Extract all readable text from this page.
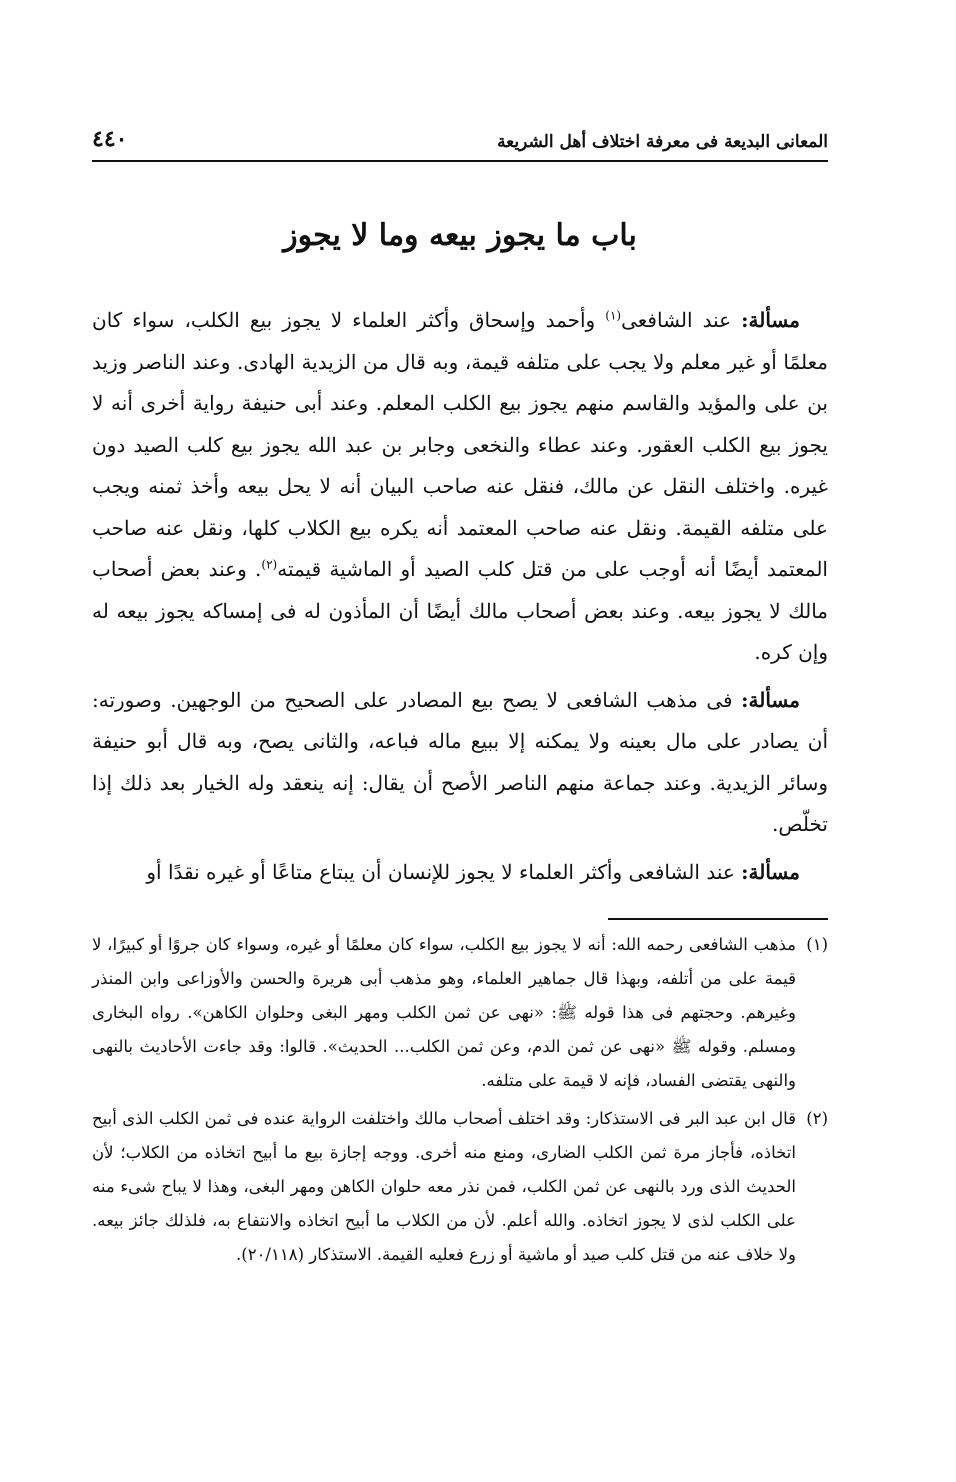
٤٤٠	المعانى البديعة فى معرفة اختلاف أهل الشريعة
باب ما يجوز بيعه وما لا يجوز

مسألة: عند الشافعى$^{(١)}$ وأحمد وإسحاق وأكثر العلماء لا يجوز بيع الكلب، سواء كان معلمًا أو غير معلم ولا يجب على متلفه قيمة، وبه قال من الزيدية الهادى. وعند الناصر وزيد بن على والمؤيد والقاسم منهم يجوز بيع الكلب المعلم. وعند أبى حنيفة رواية أخرى أنه لا يجوز بيع الكلب العقور. وعند عطاء والنخعى وجابر بن عبد الله يجوز بيع كلب الصيد دون غيره. واختلف النقل عن مالك، فنقل عنه صاحب البيان أنه لا يحل بيعه وأخذ ثمنه ويجب على متلفه القيمة. ونقل عنه صاحب المعتمد أنه يكره بيع الكلاب كلها، ونقل عنه صاحب المعتمد أيضًا أنه أوجب على من قتل كلب الصيد أو الماشية قيمته$^{(٢)}$. وعند بعض أصحاب مالك لا يجوز بيعه. وعند بعض أصحاب مالك أيضًا أن المأذون له فى إمساكه يجوز بيعه له وإن كره.

مسألة: فى مذهب الشافعى لا يصح بيع المصادر على الصحيح من الوجهين. وصورته: أن يصادر على مال بعينه ولا يمكنه إلا ببيع ماله فباعه، والثانى يصح، وبه قال أبو حنيفة وسائر الزيدية. وعند جماعة منهم الناصر الأصح أن يقال: إنه ينعقد وله الخيار بعد ذلك إذا تخلّص.

مسألة: عند الشافعى وأكثر العلماء لا يجوز للإنسان أن يبتاع متاعًا أو غيره نقدًا أو

(١)مذهب الشافعى رحمه الله: أنه لا يجوز بيع الكلب، سواء كان معلمًا أو غيره، وسواء كان جروًا أو كبيرًا، لا قيمة على من أتلفه، وبهذا قال جماهير العلماء، وهو مذهب أبى هريرة والحسن والأوزاعى وابن المنذر وغيرهم. وحجتهم فى هذا قوله ﷺ: «نهى عن ثمن الكلب ومهر البغى وحلوان الكاهن». رواه البخارى ومسلم. وقوله ﷺ «نهى عن ثمن الدم، وعن ثمن الكلب... الحديث». قالوا: وقد جاءت الأحاديث بالنهى والنهى يقتضى الفساد، فإنه لا قيمة على متلفه.

(٢)قال ابن عبد البر فى الاستذكار: وقد اختلف أصحاب مالك واختلفت الرواية عنده فى ثمن الكلب الذى أبيح اتخاذه، فأجاز مرة ثمن الكلب الضارى، ومنع منه أخرى. ووجه إجازة بيع ما أبيح اتخاذه من الكلاب؛ لأن الحديث الذى ورد بالنهى عن ثمن الكلب، فمن نذر معه حلوان الكاهن ومهر البغى، وهذا لا يباح شىء منه على الكلب لذى لا يجوز اتخاذه. والله أعلم. لأن من الكلاب ما أبيح اتخاذه والانتفاع به، فلذلك جائز بيعه. ولا خلاف عنه من قتل كلب صيد أو ماشية أو زرع فعليه القيمة. الاستذكار (٢٠/١١٨).
